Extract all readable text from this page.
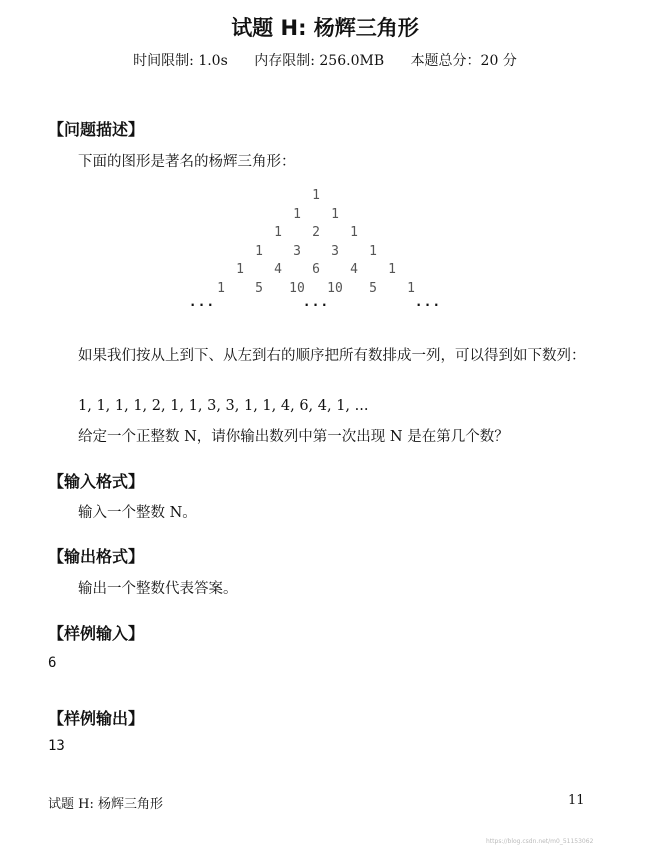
试题 H: 杨辉三角形
时间限制: 1.0s 内存限制: 256.0MB 本题总分：20 分
【问题描述】
下面的图形是著名的杨辉三角形：
1
1 1
1 2 1
1 3 3 1
1 4 6 4 1
1 5 10 10 5 1
...	...	...
如果我们按从上到下、从左到右的顺序把所有数排成一列，可以得到如下数列：
1, 1, 1, 1, 2, 1, 1, 3, 3, 1, 1, 4, 6, 4, 1, ...
给定一个正整数 N，请你输出数列中第一次出现 N 是在第几个数？
【输入格式】
输入一个整数 N。
【输出格式】
输出一个整数代表答案。
【样例输入】
6
【样例输出】
13
试题 H: 杨辉三角形	11
https://blog.csdn.net/m0_51153062
